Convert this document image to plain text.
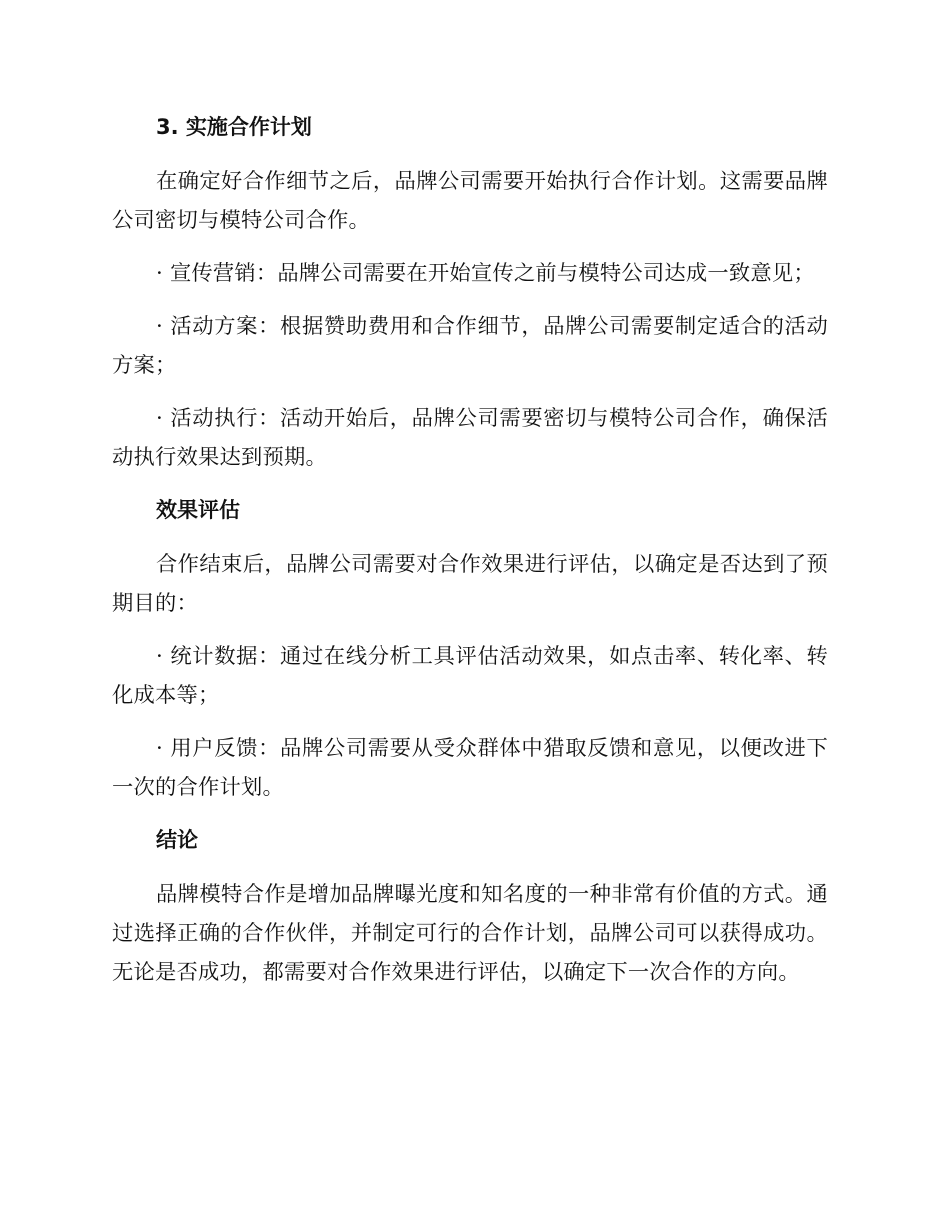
3. 实施合作计划

在确定好合作细节之后，品牌公司需要开始执行合作计划。这需要品牌公司密切与模特公司合作。

· 宣传营销：品牌公司需要在开始宣传之前与模特公司达成一致意见；

· 活动方案：根据赞助费用和合作细节，品牌公司需要制定适合的活动方案；

· 活动执行：活动开始后，品牌公司需要密切与模特公司合作，确保活动执行效果达到预期。

效果评估

合作结束后，品牌公司需要对合作效果进行评估，以确定是否达到了预期目的：

· 统计数据：通过在线分析工具评估活动效果，如点击率、转化率、转化成本等；

· 用户反馈：品牌公司需要从受众群体中猎取反馈和意见，以便改进下一次的合作计划。

结论

品牌模特合作是增加品牌曝光度和知名度的一种非常有价值的方式。通过选择正确的合作伙伴，并制定可行的合作计划，品牌公司可以获得成功。无论是否成功，都需要对合作效果进行评估，以确定下一次合作的方向。
